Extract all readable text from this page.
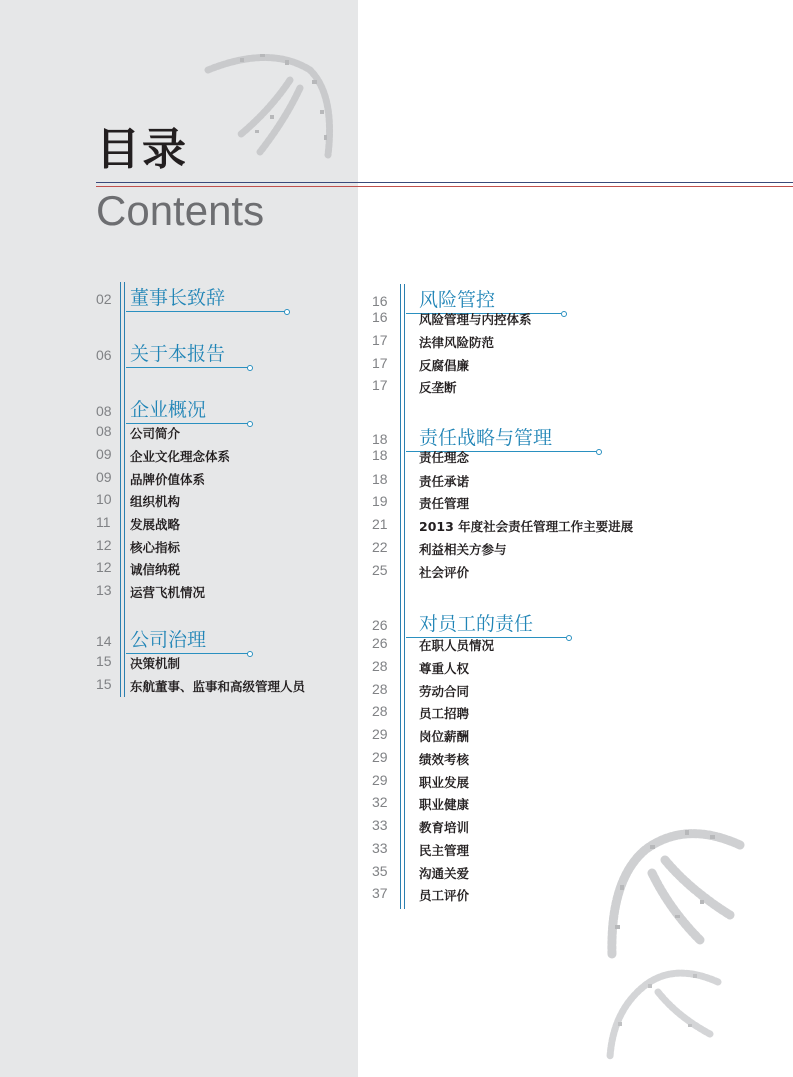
目录
Contents
02 董事长致辞
06 关于本报告
08 企业概况
08	公司简介
09	企业文化理念体系
09	品牌价值体系
10	组织机构
11	发展战略
12	核心指标
12	诚信纳税
13	运营飞机情况
14 公司治理
15	决策机制
15	东航董事、监事和高级管理人员
16	风险管控
16	风险管理与内控体系
17	法律风险防范
17	反腐倡廉
17	反垄断
18	责任战略与管理
18	责任理念
18	责任承诺
19	责任管理
21	2013 年度社会责任管理工作主要进展
22	利益相关方参与
25	社会评价
26	对员工的责任
26	在职人员情况
28	尊重人权
28	劳动合同
28	员工招聘
29	岗位薪酬
29	绩效考核
29	职业发展
32	职业健康
33	教育培训
33	民主管理
35	沟通关爱
37	员工评价
